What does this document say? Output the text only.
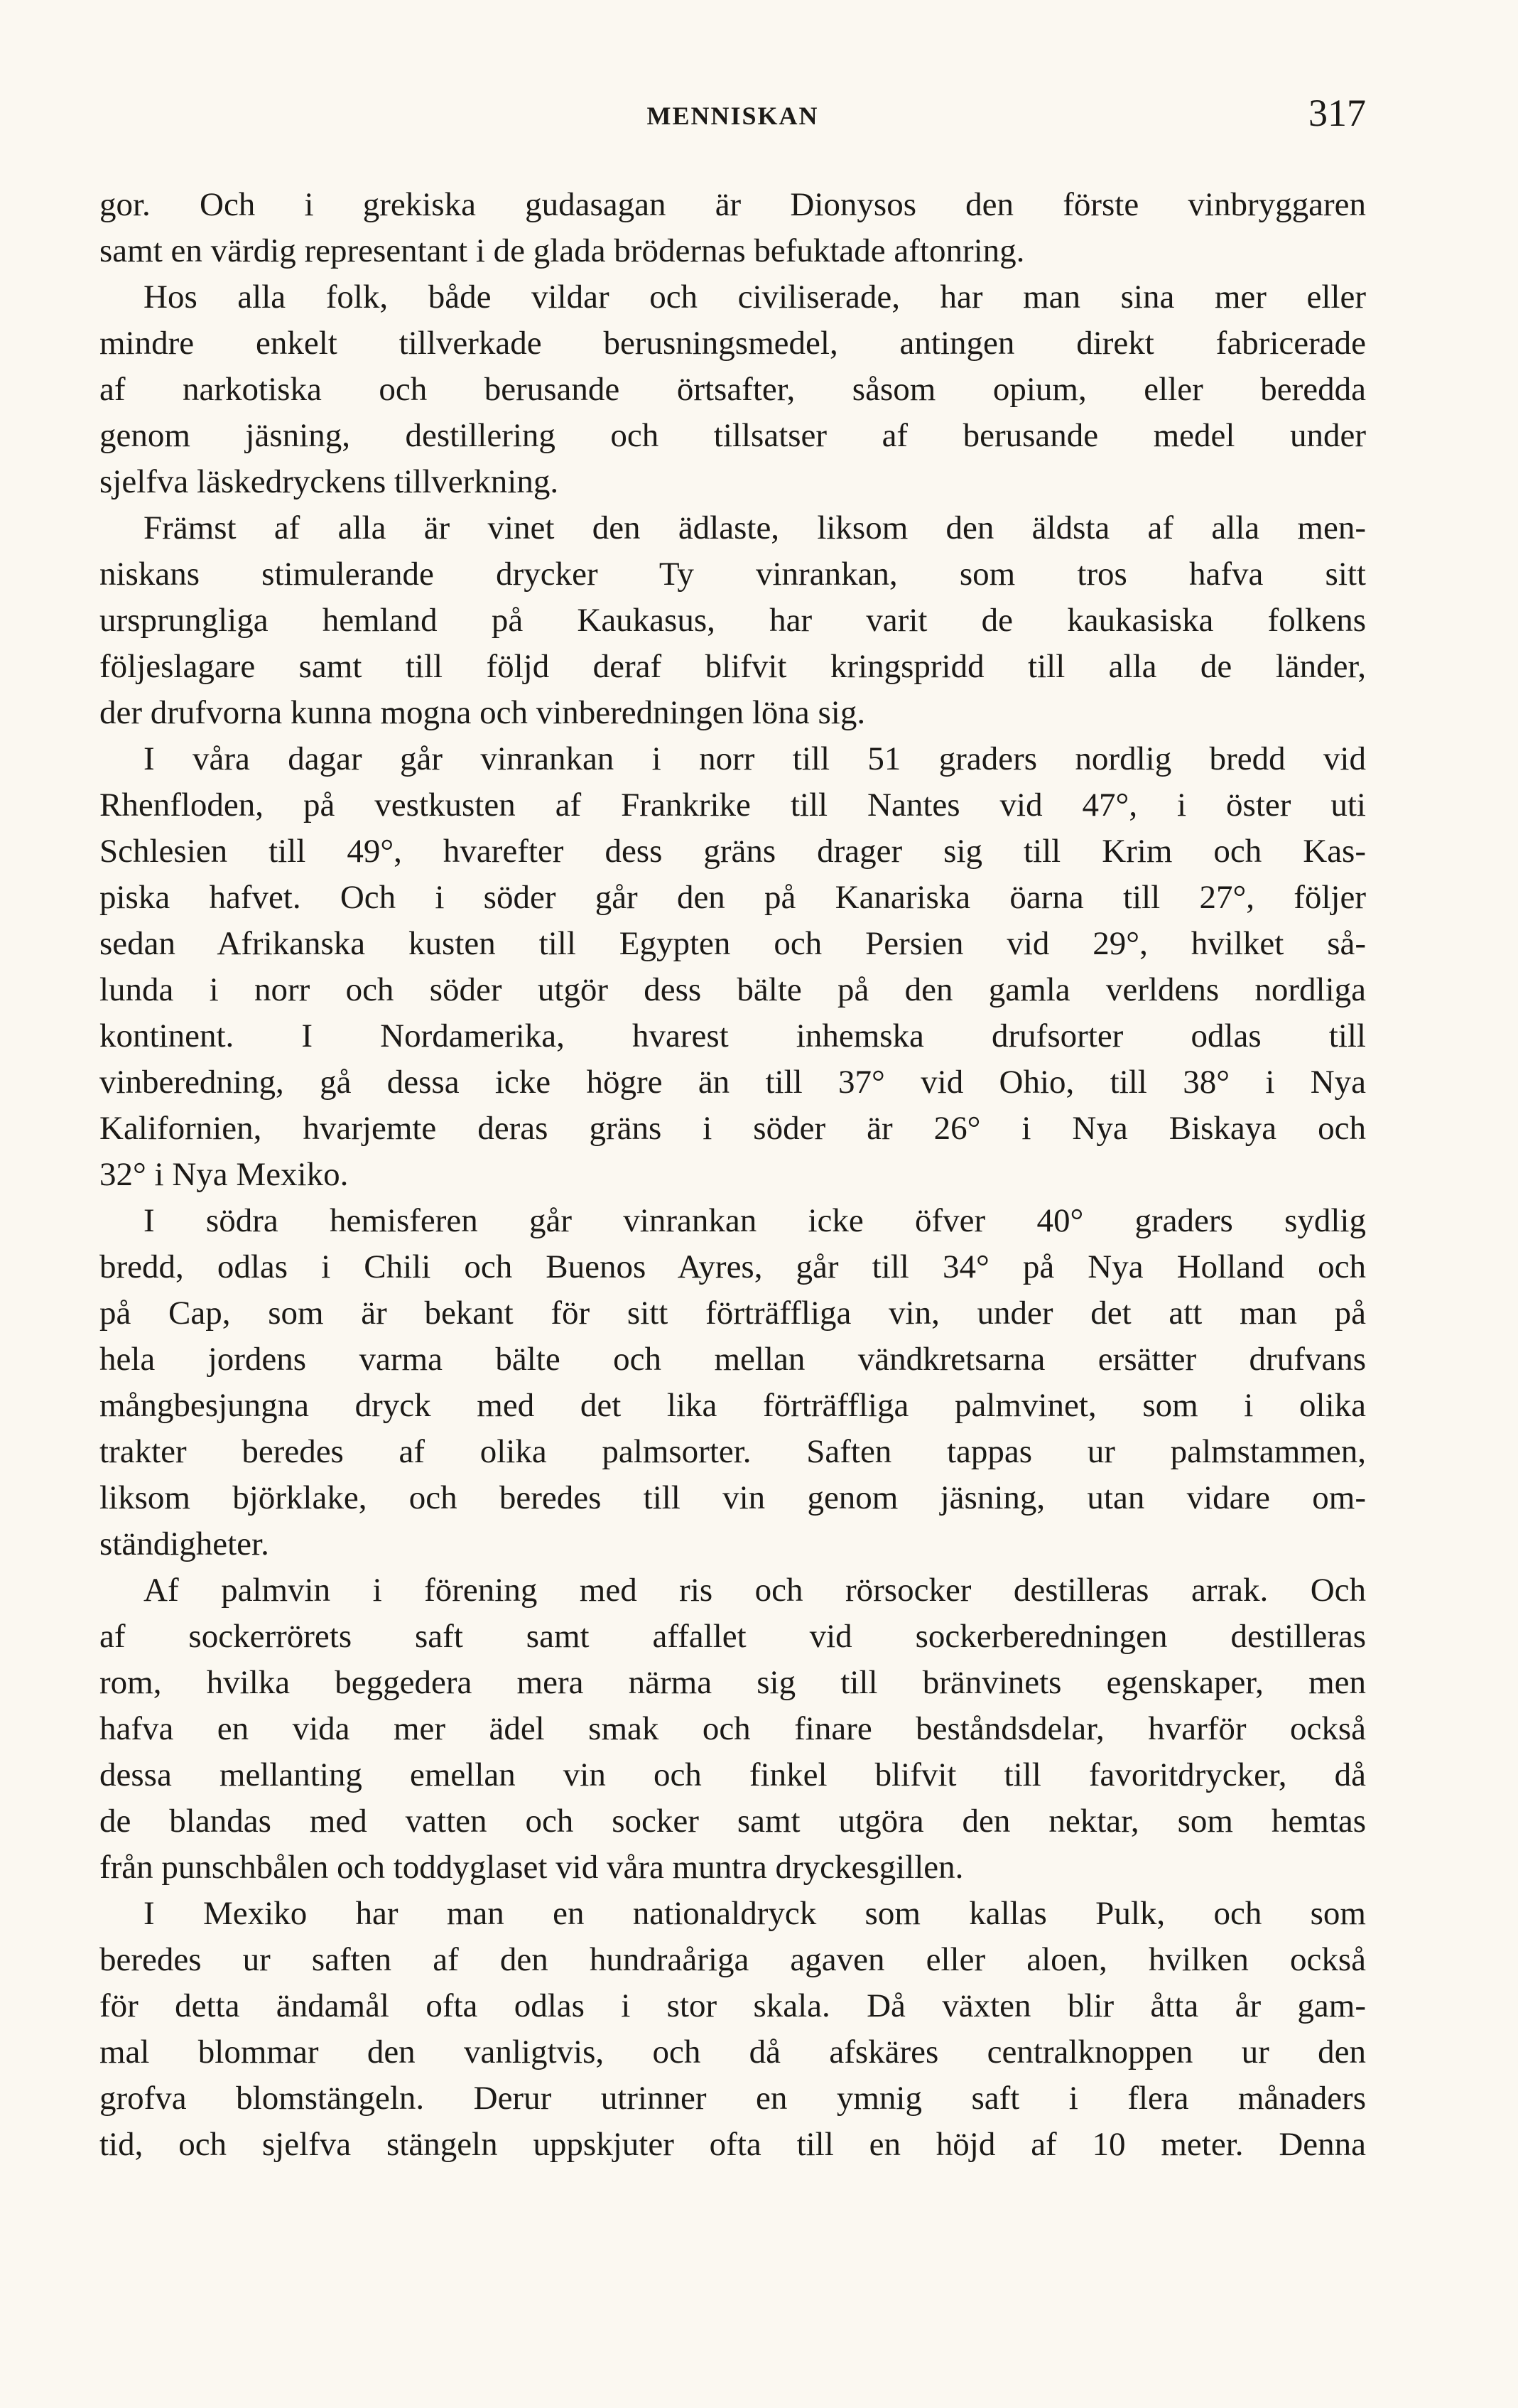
MENNISKAN	317
gor. Och i grekiska gudasagan är Dionysos den förste vinbryggaren
samt en värdig representant i de glada brödernas befuktade aftonring.
Hos alla folk, både vildar och civiliserade, har man sina mer eller
mindre enkelt tillverkade berusningsmedel, antingen direkt fabricerade
af narkotiska och berusande örtsafter, såsom opium, eller beredda
genom jäsning, destillering och tillsatser af berusande medel under
sjelfva läskedryckens tillverkning.
Främst af alla är vinet den ädlaste, liksom den äldsta af alla men-
niskans stimulerande drycker Ty vinrankan, som tros hafva sitt
ursprungliga hemland på Kaukasus, har varit de kaukasiska folkens
följeslagare samt till följd deraf blifvit kringspridd till alla de länder,
der drufvorna kunna mogna och vinberedningen löna sig.
I våra dagar går vinrankan i norr till 51 graders nordlig bredd vid
Rhenfloden, på vestkusten af Frankrike till Nantes vid 47°, i öster uti
Schlesien till 49°, hvarefter dess gräns drager sig till Krim och Kas-
piska hafvet. Och i söder går den på Kanariska öarna till 27°, följer
sedan Afrikanska kusten till Egypten och Persien vid 29°, hvilket så-
lunda i norr och söder utgör dess bälte på den gamla verldens nordliga
kontinent. I Nordamerika, hvarest inhemska drufsorter odlas till
vinberedning, gå dessa icke högre än till 37° vid Ohio, till 38° i Nya
Kalifornien, hvarjemte deras gräns i söder är 26° i Nya Biskaya och
32° i Nya Mexiko.
I södra hemisferen går vinrankan icke öfver 40° graders sydlig
bredd, odlas i Chili och Buenos Ayres, går till 34° på Nya Holland och
på Cap, som är bekant för sitt förträffliga vin, under det att man på
hela jordens varma bälte och mellan vändkretsarna ersätter drufvans
mångbesjungna dryck med det lika förträffliga palmvinet, som i olika
trakter beredes af olika palmsorter. Saften tappas ur palmstammen,
liksom björklake, och beredes till vin genom jäsning, utan vidare om-
ständigheter.
Af palmvin i förening med ris och rörsocker destilleras arrak. Och
af sockerrörets saft samt affallet vid sockerberedningen destilleras
rom, hvilka beggedera mera närma sig till bränvinets egenskaper, men
hafva en vida mer ädel smak och finare beståndsdelar, hvarför också
dessa mellanting emellan vin och finkel blifvit till favoritdrycker, då
de blandas med vatten och socker samt utgöra den nektar, som hemtas
från punschbålen och toddyglaset vid våra muntra dryckesgillen.
I Mexiko har man en nationaldryck som kallas Pulk, och som
beredes ur saften af den hundraåriga agaven eller aloen, hvilken också
för detta ändamål ofta odlas i stor skala. Då växten blir åtta år gam-
mal blommar den vanligtvis, och då afskäres centralknoppen ur den
grofva blomstängeln. Derur utrinner en ymnig saft i flera månaders
tid, och sjelfva stängeln uppskjuter ofta till en höjd af 10 meter. Denna
